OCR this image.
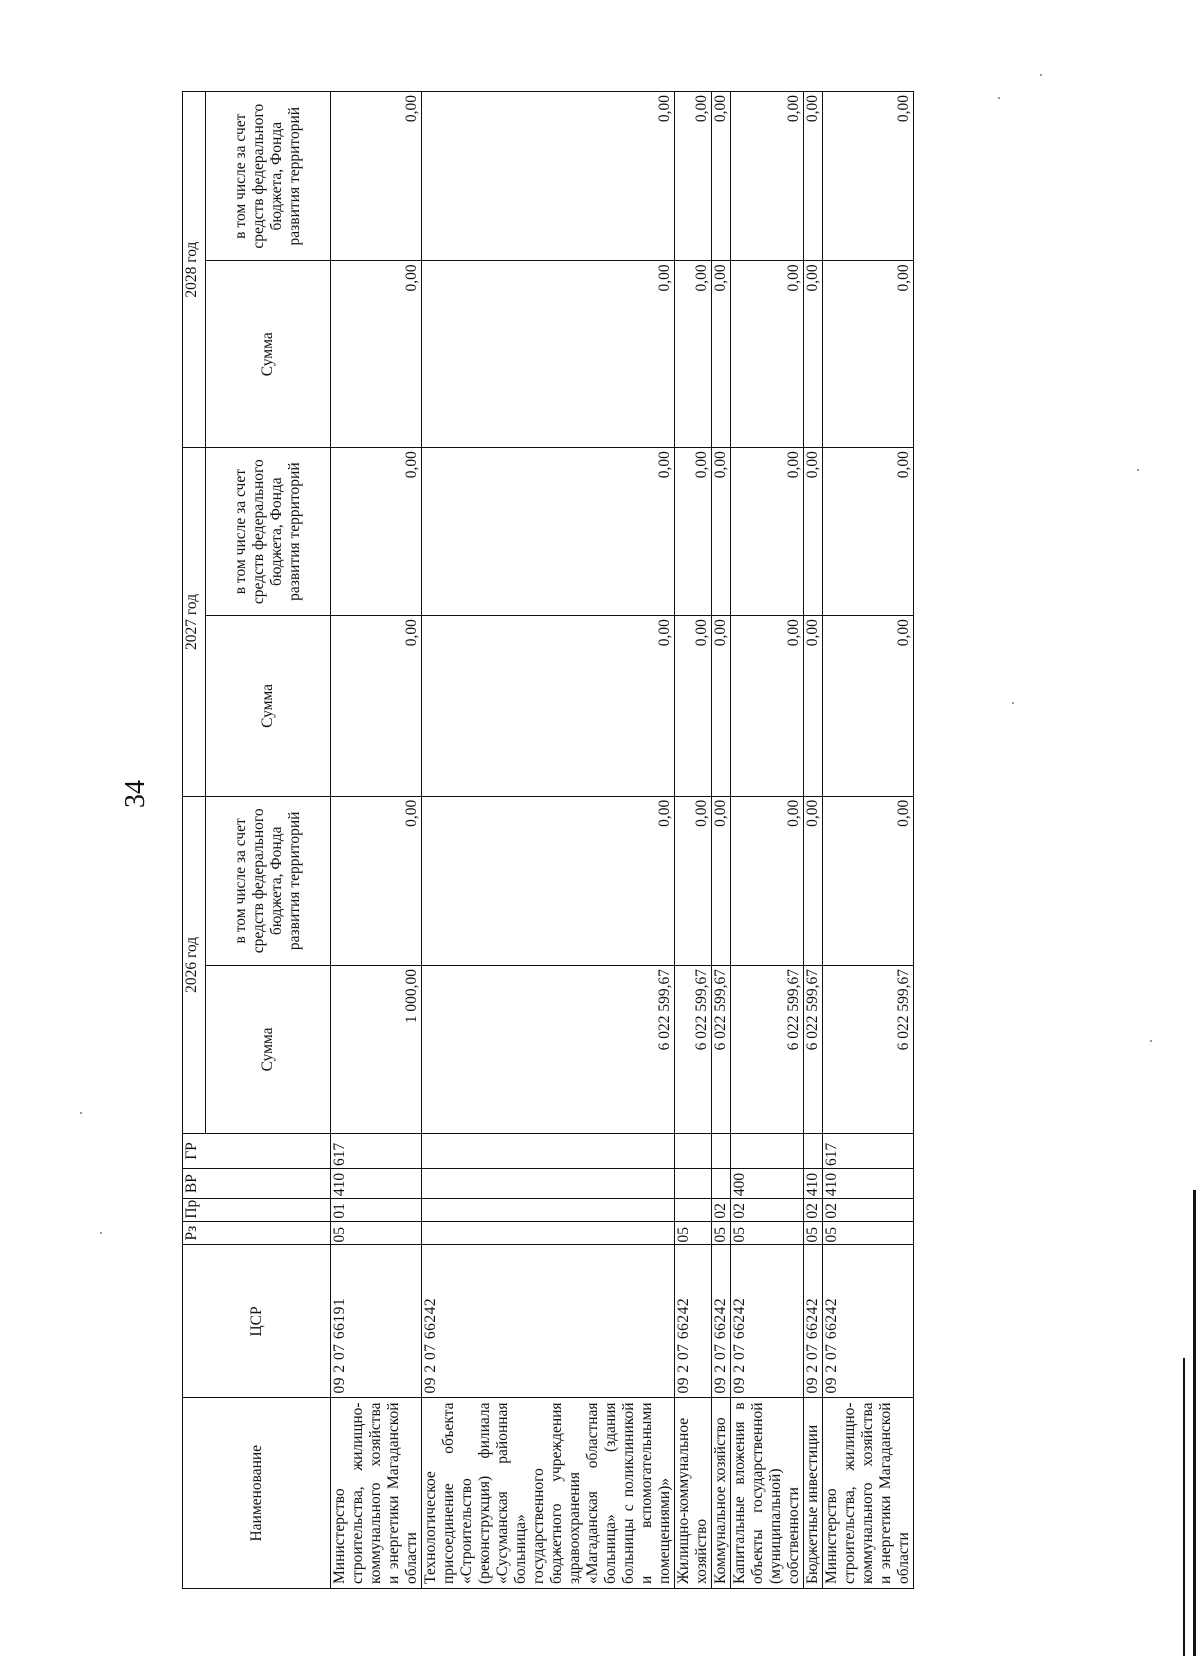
34
Наименование	ЦСР	Рз	Пр	ВР	ГР	2026 год		2027 год		2028 год	
						Сумма	в том числе за счет средств федерального бюджета, Фонда развития территорий	Сумма	в том числе за счет средств федерального бюджета, Фонда развития территорий	Сумма	в том числе за счет средств федерального бюджета, Фонда развития территорий
Министерство строительства, жилищно-коммунального хозяйства и энергетики Магаданской области	09 2 07 66191	05	01	410	617	1 000,00	0,00	0,00	0,00	0,00	0,00
Технологическое присоединение объекта «Строительство (реконструкция) филиала «Сусуманская районная больница» государственного бюджетного учреждения здравоохранения «Магаданская областная больница» (здания больницы с поликлиникой и вспомогательными помещениями)»	09 2 07 66242					6 022 599,67	0,00	0,00	0,00	0,00	0,00
Жилищно-коммунальное хозяйство	09 2 07 66242	05				6 022 599,67	0,00	0,00	0,00	0,00	0,00
Коммунальное хозяйство	09 2 07 66242	05	02			6 022 599,67	0,00	0,00	0,00	0,00	0,00
Капитальные вложения в объекты государственной (муниципальной) собственности	09 2 07 66242	05	02	400		6 022 599,67	0,00	0,00	0,00	0,00	0,00
Бюджетные инвестиции	09 2 07 66242	05	02	410		6 022 599,67	0,00	0,00	0,00	0,00	0,00
Министерство строительства, жилищно-коммунального хозяйства и энергетики Магаданской области	09 2 07 66242	05	02	410	617	6 022 599,67	0,00	0,00	0,00	0,00	0,00
